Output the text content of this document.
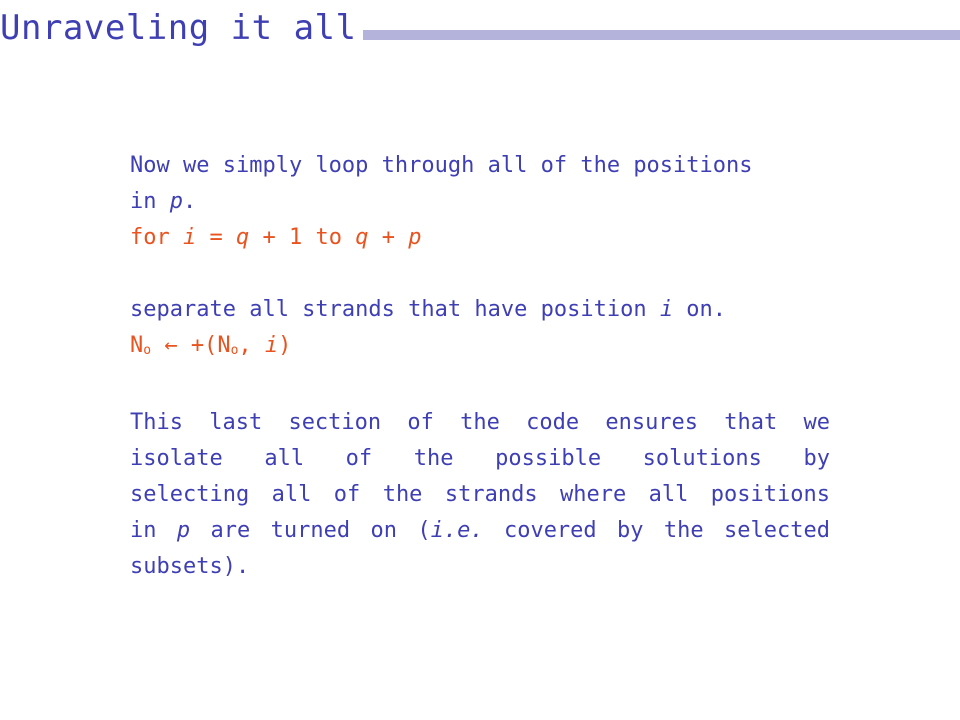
Unraveling it all
Now we simply loop through all of the positions
in p.
for i = q + 1 to q + p
separate all strands that have position i on.
No ← +(No, i)
This last section of the code ensures that we
isolate all of the possible solutions by
selecting all of the strands where all positions
in p are turned on (i.e. covered by the selected
subsets).
